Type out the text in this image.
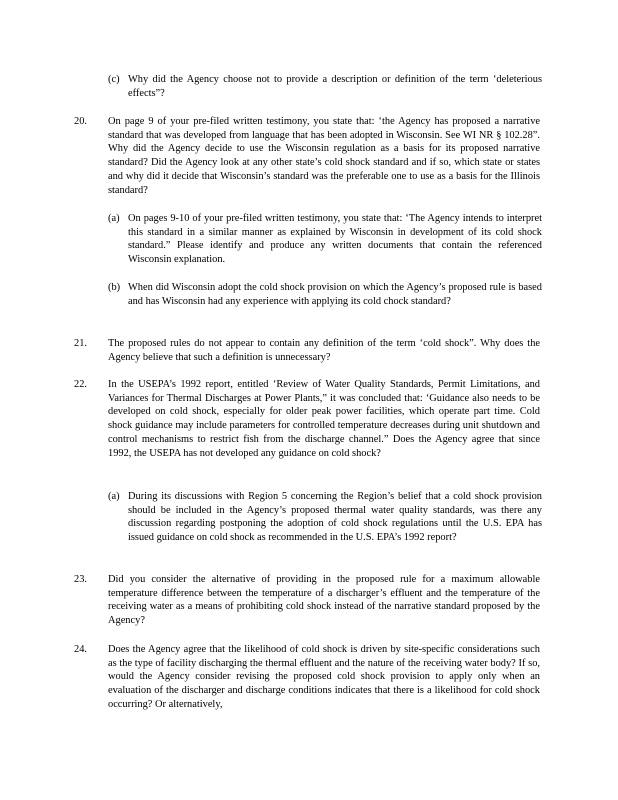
(c) Why did the Agency choose not to provide a description or definition of the term ‘deleterious effects”?
20.	On page 9 of your pre-filed written testimony, you state that: ‘the Agency has proposed a narrative standard that was developed from language that has been adopted in Wisconsin. See WI NR § 102.28”. Why did the Agency decide to use the Wisconsin regulation as a basis for its proposed narrative standard? Did the Agency look at any other state’s cold shock standard and if so, which state or states and why did it decide that Wisconsin’s standard was the preferable one to use as a basis for the Illinois standard?
(a) On pages 9-10 of your pre-filed written testimony, you state that: ‘The Agency intends to interpret this standard in a similar manner as explained by Wisconsin in development of its cold shock standard.” Please identify and produce any written documents that contain the referenced Wisconsin explanation.
(b) When did Wisconsin adopt the cold shock provision on which the Agency’s proposed rule is based and has Wisconsin had any experience with applying its cold chock standard?
21.	The proposed rules do not appear to contain any definition of the term ‘cold shock”. Why does the Agency believe that such a definition is unnecessary?
22.	In the USEPA’s 1992 report, entitled ‘Review of Water Quality Standards, Permit Limitations, and Variances for Thermal Discharges at Power Plants,” it was concluded that: ‘Guidance also needs to be developed on cold shock, especially for older peak power facilities, which operate part time. Cold shock guidance may include parameters for controlled temperature decreases during unit shutdown and control mechanisms to restrict fish from the discharge channel.” Does the Agency agree that since 1992, the USEPA has not developed any guidance on cold shock?
(a) During its discussions with Region 5 concerning the Region’s belief that a cold shock provision should be included in the Agency’s proposed thermal water quality standards, was there any discussion regarding postponing the adoption of cold shock regulations until the U.S. EPA has issued guidance on cold shock as recommended in the U.S. EPA’s 1992 report?
23.	Did you consider the alternative of providing in the proposed rule for a maximum allowable temperature difference between the temperature of a discharger’s effluent and the temperature of the receiving water as a means of prohibiting cold shock instead of the narrative standard proposed by the Agency?
24.	Does the Agency agree that the likelihood of cold shock is driven by site-specific considerations such as the type of facility discharging the thermal effluent and the nature of the receiving water body? If so, would the Agency consider revising the proposed cold shock provision to apply only when an evaluation of the discharger and discharge conditions indicates that there is a likelihood for cold shock occurring? Or alternatively,
